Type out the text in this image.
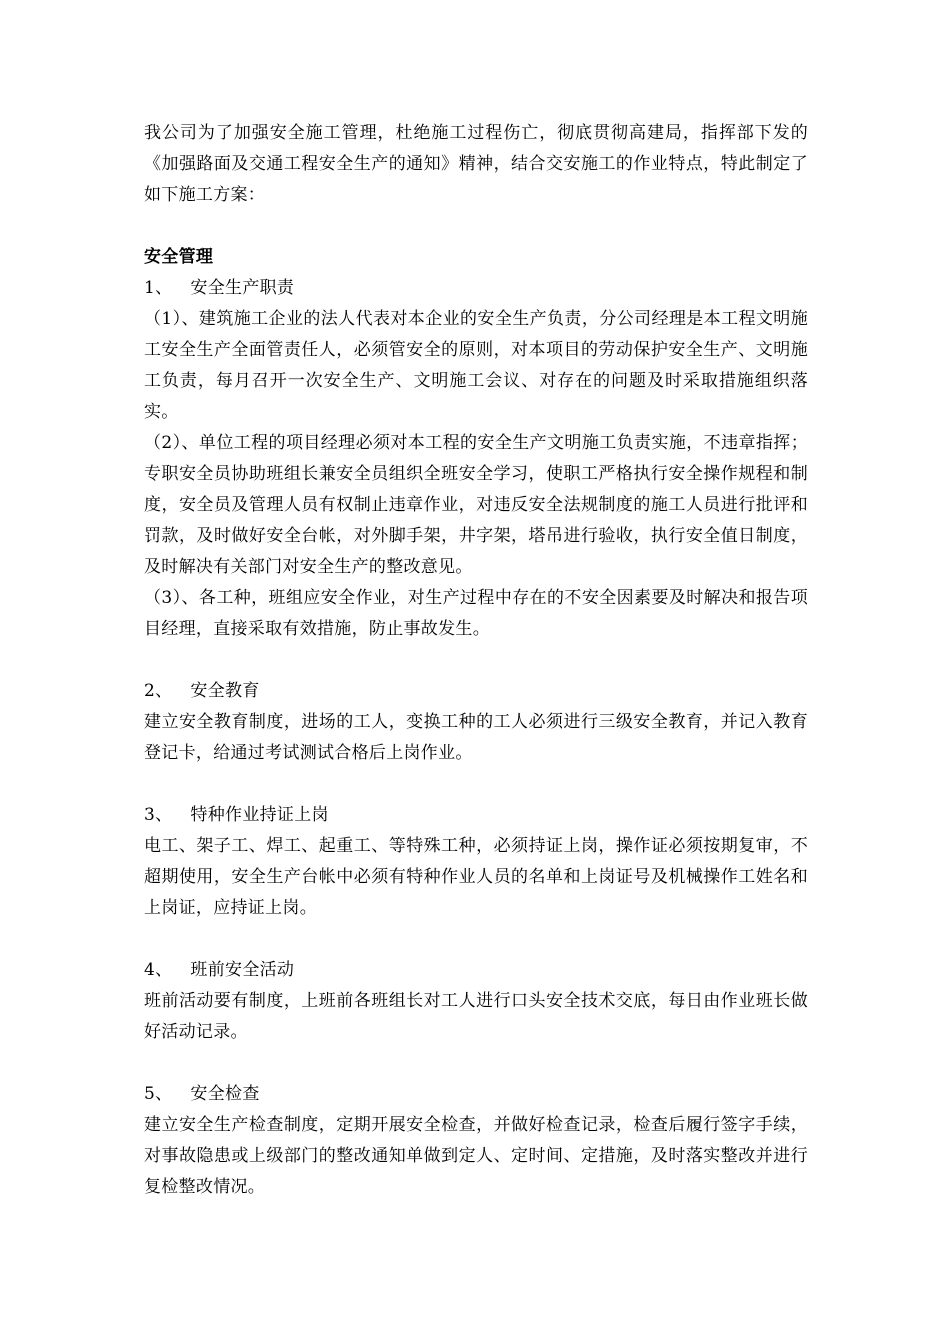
我公司为了加强安全施工管理，杜绝施工过程伤亡，彻底贯彻高建局，指挥部下发的《加强路面及交通工程安全生产的通知》精神，结合交安施工的作业特点，特此制定了如下施工方案：

安全管理

1、 安全生产职责

（1）、建筑施工企业的法人代表对本企业的安全生产负责，分公司经理是本工程文明施工安全生产全面管责任人，必须管安全的原则，对本项目的劳动保护安全生产、文明施工负责，每月召开一次安全生产、文明施工会议、对存在的问题及时采取措施组织落实。

（2）、单位工程的项目经理必须对本工程的安全生产文明施工负责实施，不违章指挥；专职安全员协助班组长兼安全员组织全班安全学习，使职工严格执行安全操作规程和制度，安全员及管理人员有权制止违章作业，对违反安全法规制度的施工人员进行批评和罚款，及时做好安全台帐，对外脚手架，井字架，塔吊进行验收，执行安全值日制度，及时解决有关部门对安全生产的整改意见。

（3）、各工种，班组应安全作业，对生产过程中存在的不安全因素要及时解决和报告项目经理，直接采取有效措施，防止事故发生。

2、 安全教育

建立安全教育制度，进场的工人，变换工种的工人必须进行三级安全教育，并记入教育登记卡，给通过考试测试合格后上岗作业。

3、 特种作业持证上岗

电工、架子工、焊工、起重工、等特殊工种，必须持证上岗，操作证必须按期复审，不超期使用，安全生产台帐中必须有特种作业人员的名单和上岗证号及机械操作工姓名和上岗证，应持证上岗。

4、 班前安全活动

班前活动要有制度，上班前各班组长对工人进行口头安全技术交底，每日由作业班长做好活动记录。

5、 安全检查

建立安全生产检查制度，定期开展安全检查，并做好检查记录，检查后履行签字手续，对事故隐患或上级部门的整改通知单做到定人、定时间、定措施，及时落实整改并进行复检整改情况。
